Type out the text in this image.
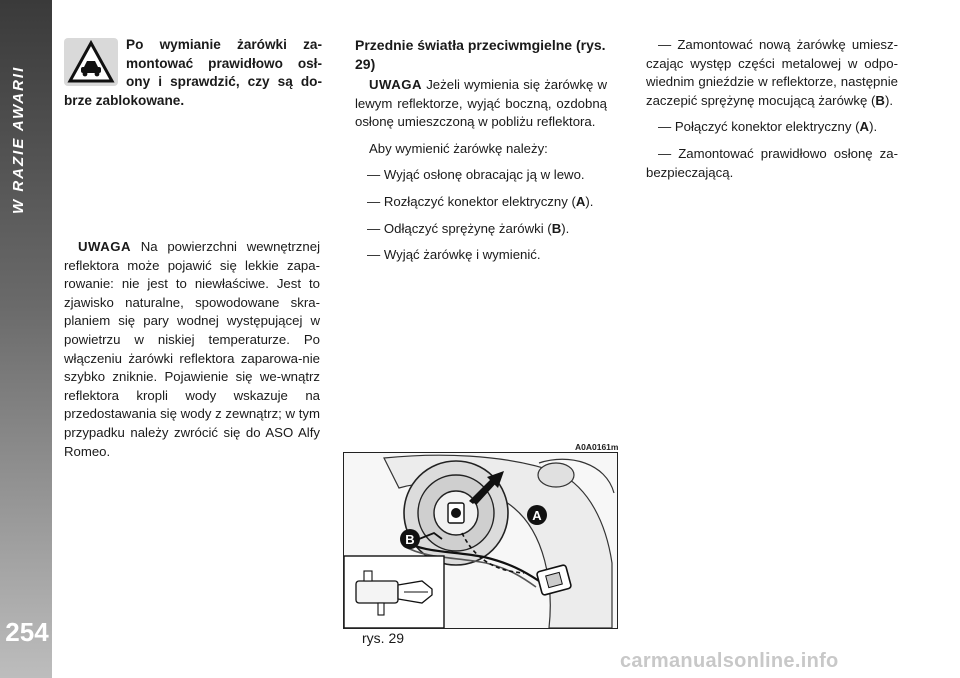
W RAZIE AWARII
254
Po wymianie żarówki za-montować prawidłowo osł-ony i sprawdzić, czy są do-brze zablokowane.

UWAGA Na powierzchni wewnętrznej reflektora może pojawić się lekkie zapa-rowanie: nie jest to niewłaściwe. Jest to zjawisko naturalne, spowodowane skra-planiem się pary wodnej występującej w powietrzu w niskiej temperaturze. Po włączeniu żarówki reflektora zaparowa-nie szybko zniknie. Pojawienie się we-wnątrz reflektora kropli wody wskazuje na przedostawania się wody z zewnątrz; w tym przypadku należy zwrócić się do ASO Alfy Romeo.

Przednie światła przeciwmgielne (rys. 29)

UWAGA Jeżeli wymienia się żarówkę w lewym reflektorze, wyjąć boczną, ozdobną osłonę umieszczoną w pobliżu reflektora.

Aby wymienić żarówkę należy:

— Wyjąć osłonę obracając ją w lewo.

— Rozłączyć konektor elektryczny (A).

— Odłączyć sprężynę żarówki (B).

— Wyjąć żarówkę i wymienić.

— Zamontować nową żarówkę umiesz-czając występ części metalowej w odpo-wiednim gnieździe w reflektorze, następnie zaczepić sprężynę mocującą żarówkę (B).

— Połączyć konektor elektryczny (A).

— Zamontować prawidłowo osłonę za-bezpieczającą.

A0A0161m
A
B
rys. 29
carmanualsonline.info
